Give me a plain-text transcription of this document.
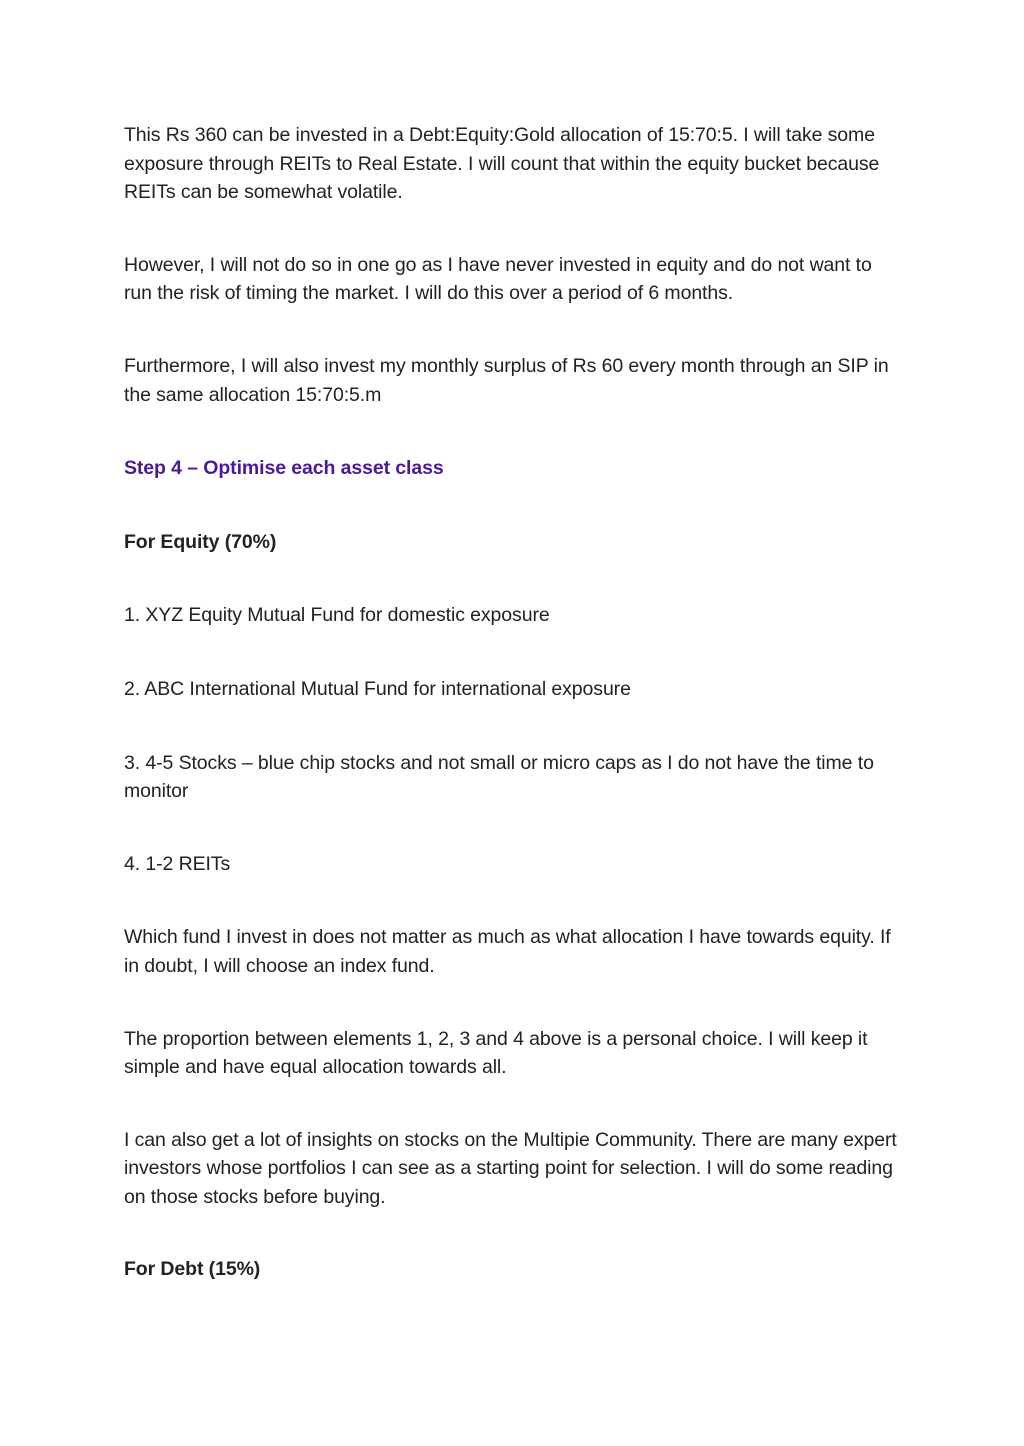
This Rs 360 can be invested in a Debt:Equity:Gold allocation of 15:70:5. I will take some exposure through REITs to Real Estate. I will count that within the equity bucket because REITs can be somewhat volatile.

However, I will not do so in one go as I have never invested in equity and do not want to run the risk of timing the market. I will do this over a period of 6 months.

Furthermore, I will also invest my monthly surplus of Rs 60 every month through an SIP in the same allocation 15:70:5.m

Step 4 – Optimise each asset class

For Equity (70%)

1. XYZ Equity Mutual Fund for domestic exposure

2. ABC International Mutual Fund for international exposure

3. 4-5 Stocks – blue chip stocks and not small or micro caps as I do not have the time to monitor

4. 1-2 REITs

Which fund I invest in does not matter as much as what allocation I have towards equity. If in doubt, I will choose an index fund.

The proportion between elements 1, 2, 3 and 4 above is a personal choice. I will keep it simple and have equal allocation towards all.

I can also get a lot of insights on stocks on the Multipie Community. There are many expert investors whose portfolios I can see as a starting point for selection. I will do some reading on those stocks before buying.

For Debt (15%)
